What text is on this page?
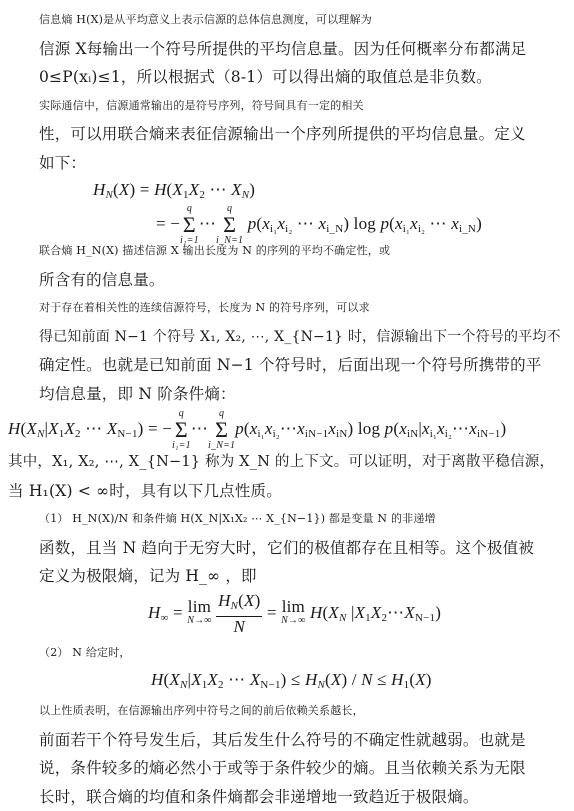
信息熵 H(X)是从平均意义上表示信源的总体信息测度，可以理解为
信源 X每输出一个符号所提供的平均信息量。因为任何概率分布都满足
0≤P(xᵢ)≤1，所以根据式（8-1）可以得出熵的取值总是非负数。

实际通信中，信源通常输出的是符号序列，符号间具有一定的相关
性，可以用联合熵来表征信源输出一个序列所提供的平均信息量。定义
如下：

$H_N(X) = H(X_1X_2$ ⋯ $X_N$)
= −
q
Σ
i₁=1
⋯
q
Σ
i_N=1
$p(x_{i_1}x_{i_2}$ ⋯ $x_{i\_N}$) $\log p(x_{i_1}x_{i_2}$ ⋯ $x_{i\_N}$)

联合熵 H_N(X) 描述信源 X 输出长度为 N 的序列的平均不确定性，或
所含有的信息量。

对于存在着相关性的连续信源符号，长度为 N 的符号序列，可以求
得已知前面 N−1 个符号 X₁, X₂, ⋯, X_{N−1} 时，信源输出下一个符号的平均不
确定性。也就是已知前面 N−1 个符号时，后面出现一个符号所携带的平
均信息量，即 N 阶条件熵：

$H(X_N|X_1X_2$ ⋯ $X_{N-1}$) = −
q
Σ
i₁=1
⋯
q
Σ
i_N=1
$p(x_{i_1}x_{i_2}\cdots x_{iN-1}x_{iN})$ $\log p(x_{iN}|x_{i_1}x_{i_2}\cdots x_{iN-1})$

其中，X₁, X₂, ⋯, X_{N−1} 称为 X_N 的上下文。可以证明，对于离散平稳信源，
当 H₁(X) < ∞时，具有以下几点性质。

（1） H_N(X)/N 和条件熵 H(X_N|X₁X₂ ⋯ X_{N−1}) 都是变量 N 的非递增
函数，且当 N 趋向于无穷大时，它们的极值都存在且相等。这个极值被
定义为极限熵，记为 H_∞ ，即

$H_\infty = \lim$
N→∞
$\frac{H_N(X)}{N} = \lim$
N→∞ $H(X_N$ $|X_1X_2\cdots X_{N-1}$)

（2） N 给定时，

$H(X_N|X_1X_2$ ⋯ $X_{N-1}) \le H_N(X) / N \le H_1(X)$

以上性质表明，在信源输出序列中符号之间的前后依赖关系越长，
前面若干个符号发生后，其后发生什么符号的不确定性就越弱。也就是
说，条件较多的熵必然小于或等于条件较少的熵。且当依赖关系为无限
长时，联合熵的均值和条件熵都会非递增地一致趋近于极限熵。
